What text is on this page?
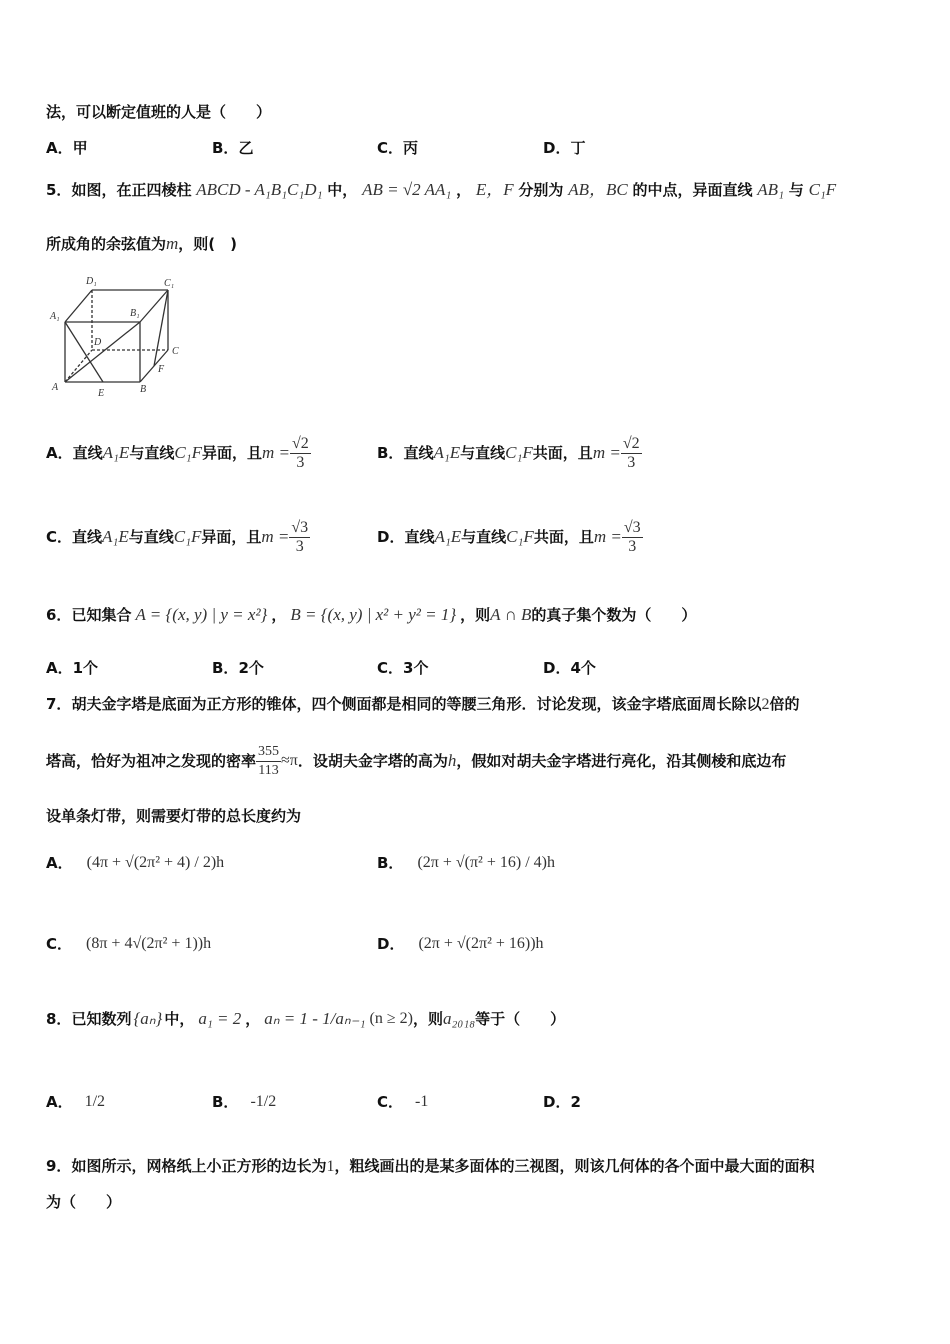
法，可以断定值班的人是（　　）
A．甲	B．乙	C．丙	D．丁
5．如图，在正四棱柱 ABCD - A₁B₁C₁D₁ 中， AB = √2 AA₁ ， E，F 分别为 AB，BC 的中点，异面直线 AB₁ 与 C₁F
所成角的余弦值为m，则(　)
D₁	C₁
A₁	B₁
D
C
A	B
E
F
A． 直线 A₁E 与直线 C₁F 异面，且 $m = \frac{√2}{3}$	B． 直线 A₁E 与直线 C₁F 共面，且 $m = \frac{√2}{3}$
C． 直线 A₁E 与直线 C₁F 异面，且 $m = \frac{√3}{3}$	D． 直线 A₁E 与直线 C₁F 共面，且 $m = \frac{√3}{3}$
6． 已知集合 A = {(x, y) | y = x²} ， B = {(x, y) | x² + y² = 1} ，则 A ∩ B 的真子集个数为（　　）
A．1个	B．2个	C．3个	D．4个
7．胡夫金字塔是底面为正方形的锥体，四个侧面都是相同的等腰三角形．讨论发现，该金字塔底面周长除以2倍的
塔高，恰好为祖冲之发现的密率 $\frac{355}{113} \approx\pi$ ．设胡夫金字塔的高为 h ，假如对胡夫金字塔进行亮化，沿其侧棱和底边布
设单条灯带，则需要灯带的总长度约为
A． (4π + √(2π² + 4) / 2)h	B． (2π + √(π² + 16) / 4)h
C． (8π + 4√(2π² + 1))h	D． (2π + √(2π² + 16))h
8． 已知数列 {aₙ} 中， a₁ = 2 ， aₙ = 1 - 1/aₙ₋₁ (n ≥ 2) ，则 a₂₀₁₈ 等于（　　）
A． 1/2	B． -1/2	C． -1	D．2
9．如图所示，网格纸上小正方形的边长为1，粗线画出的是某多面体的三视图，则该几何体的各个面中最大面的面积
为（　　）
